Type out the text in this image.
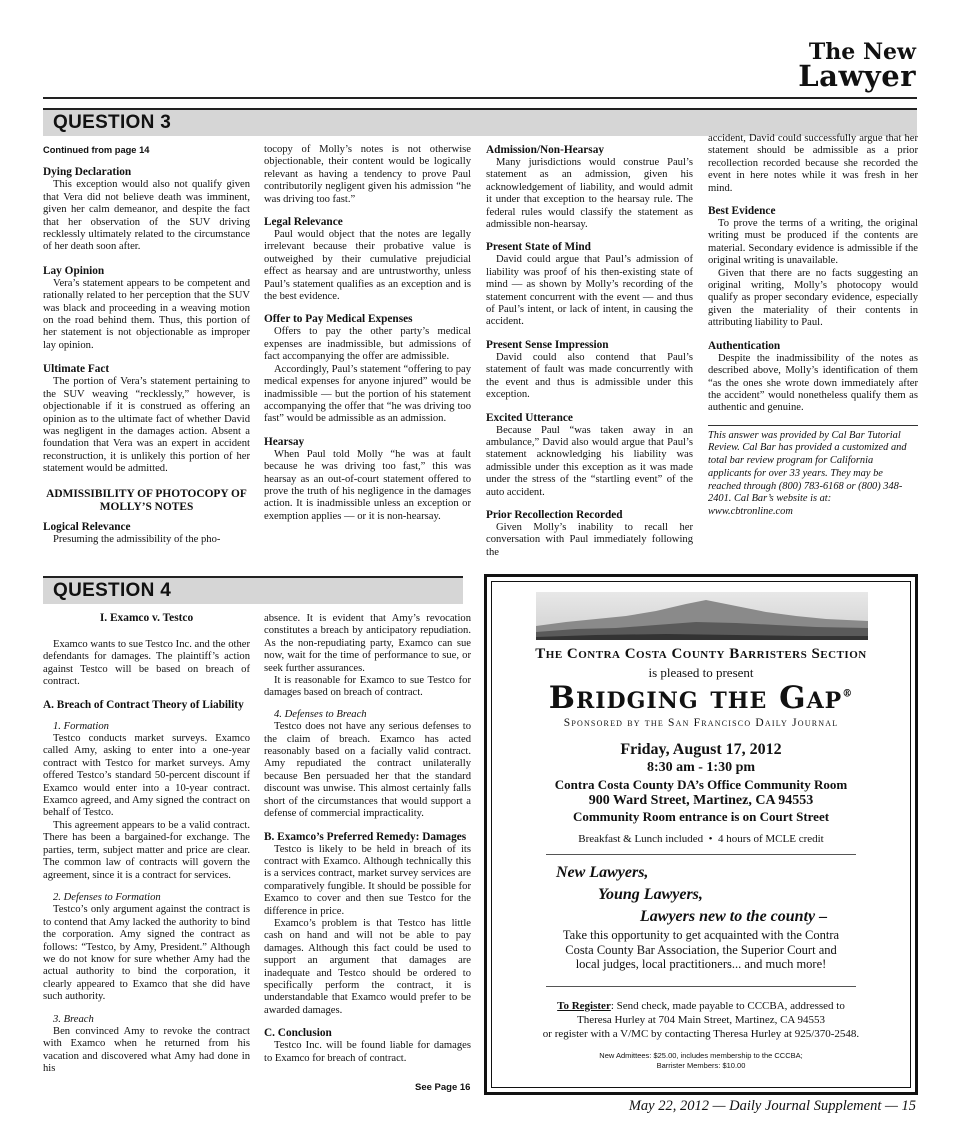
The New
Lawyer
QUESTION 3
Continued from page 14
Dying Declaration

This exception would also not qualify given that Vera did not believe death was imminent, given her calm demeanor, and despite the fact that her observation of the SUV driving recklessly ultimately related to the circumstance of her death soon after.

Lay Opinion

Vera’s statement appears to be competent and rationally related to her perception that the SUV was black and proceeding in a weaving motion on the road behind them. Thus, this portion of her statement is not objectionable as improper lay opinion.

Ultimate Fact

The portion of Vera’s statement pertaining to the SUV weaving “recklessly,” however, is objectionable if it is construed as offering an opinion as to the ultimate fact of whether David was negligent in the damages action. Absent a foundation that Vera was an expert in accident reconstruction, it is unlikely this portion of her statement would be admitted.

ADMISSIBILITY OF PHOTOCOPY OF MOLLY’S NOTES
Logical Relevance

Presuming the admissibility of the pho-

tocopy of Molly’s notes is not otherwise objectionable, their content would be logically relevant as having a tendency to prove Paul contributorily negligent given his admission “he was driving too fast.”

Legal Relevance

Paul would object that the notes are legally irrelevant because their probative value is outweighed by their cumulative prejudicial effect as hearsay and are untrustworthy, unless Paul’s statement qualifies as an exception and is the best evidence.

Offer to Pay Medical Expenses

Offers to pay the other party’s medical expenses are inadmissible, but admissions of fact accompanying the offer are admissible.

Accordingly, Paul’s statement “offering to pay medical expenses for anyone injured” would be inadmissible — but the portion of his statement accompanying the offer that “he was driving too fast” would be admissible as an admission.

Hearsay

When Paul told Molly “he was at fault because he was driving too fast,” this was hearsay as an out-of-court statement offered to prove the truth of his negligence in the damages action. It is inadmissible unless an exception or exemption applies — or it is non-hearsay.

Admission/Non-Hearsay

Many jurisdictions would construe Paul’s statement as an admission, given his acknowledgement of liability, and would admit it under that exception to the hearsay rule. The federal rules would classify the statement as admissible non-hearsay.

Present State of Mind

David could argue that Paul’s admission of liability was proof of his then-existing state of mind — as shown by Molly’s recording of the statement concurrent with the event — and thus of Paul’s intent, or lack of intent, in causing the accident.

Present Sense Impression

David could also contend that Paul’s statement of fault was made concurrently with the event and thus is admissible under this exception.

Excited Utterance

Because Paul “was taken away in an ambulance,” David also would argue that Paul’s statement acknowledging his liability was admissible under this exception as it was made under the stress of the “startling event” of the auto accident.

Prior Recollection Recorded

Given Molly’s inability to recall her conversation with Paul immediately following the

accident, David could successfully argue that her statement should be admissible as a prior recollection recorded because she recorded the event in here notes while it was fresh in her mind.

Best Evidence

To prove the terms of a writing, the original writing must be produced if the contents are material. Secondary evidence is admissible if the original writing is unavailable.

Given that there are no facts suggesting an original writing, Molly’s photocopy would qualify as proper secondary evidence, especially given the materiality of their contents in attributing liability to Paul.

Authentication

Despite the inadmissibility of the notes as described above, Molly’s identification of them “as the ones she wrote down immediately after the accident” would nonetheless qualify them as authentic and genuine.

This answer was provided by Cal Bar Tutorial Review. Cal Bar has provided a customized and total bar review program for California applicants for over 33 years. They may be reached through (800) 783-6168 or (800) 348-2401. Cal Bar’s website is at: www.cbtronline.com
QUESTION 4
I. Examco v. Testco

Examco wants to sue Testco Inc. and the other defendants for damages. The plaintiff’s action against Testco will be based on breach of contract.

A. Breach of Contract Theory of Liability
1. Formation

Testco conducts market surveys. Examco called Amy, asking to enter into a one-year contract with Testco for market surveys. Amy offered Testco’s standard 50-percent discount if Examco would enter into a 10-year contract. Examco agreed, and Amy signed the contract on behalf of Testco.

This agreement appears to be a valid contract. There has been a bargained-for exchange. The parties, term, subject matter and price are clear. The common law of contracts will govern the agreement, since it is a contract for services.

2. Defenses to Formation

Testco’s only argument against the contract is to contend that Amy lacked the authority to bind the corporation. Amy signed the contract as follows: “Testco, by Amy, President.” Although we do not know for sure whether Amy had the actual authority to bind the corporation, it clearly appeared to Examco that she did have such authority.

3. Breach

Ben convinced Amy to revoke the contract with Examco when he returned from his vacation and discovered what Amy had done in his

absence. It is evident that Amy’s revocation constitutes a breach by anticipatory repudiation. As the non-repudiating party, Examco can sue now, wait for the time of performance to sue, or seek further assurances.

It is reasonable for Examco to sue Testco for damages based on breach of contract.

4. Defenses to Breach

Testco does not have any serious defenses to the claim of breach. Examco has acted reasonably based on a facially valid contract. Amy repudiated the contract unilaterally because Ben persuaded her that the standard discount was unwise. This almost certainly falls short of the circumstances that would support a defense of commercial impracticality.

B. Examco’s Preferred Remedy: Damages

Testco is likely to be held in breach of its contract with Examco. Although technically this is a services contract, market survey services are comparatively fungible. It should be possible for Examco to cover and then sue Testco for the difference in price.

Examco’s problem is that Testco has little cash on hand and will not be able to pay damages. Although this fact could be used to support an argument that damages are inadequate and Testco should be ordered to specifically perform the contract, it is understandable that Examco would prefer to be awarded damages.

C. Conclusion

Testco Inc. will be found liable for damages to Examco for breach of contract.

The Contra Costa County Barristers Section
is pleased to present
Bridging the Gap®
Sponsored by the San Francisco Daily Journal
Friday, August 17, 2012
8:30 am - 1:30 pm
Contra Costa County DA’s Office Community Room
900 Ward Street, Martinez, CA 94553
Community Room entrance is on Court Street
Breakfast & Lunch included  •  4 hours of MCLE credit
New Lawyers,
Young Lawyers,
Lawyers new to the county –
Take this opportunity to get acquainted with the Contra Costa County Bar Association, the Superior Court and local judges, local practitioners... and much more!
To Register: Send check, made payable to CCCBA, addressed to
Theresa Hurley at 704 Main Street, Martinez, CA 94553
or register with a V/MC by contacting Theresa Hurley at 925/370-2548.
New Admittees: $25.00, includes membership to the CCCBA;
Barrister Members: $10.00
See Page 16
May 22, 2012 — Daily Journal Supplement — 15
